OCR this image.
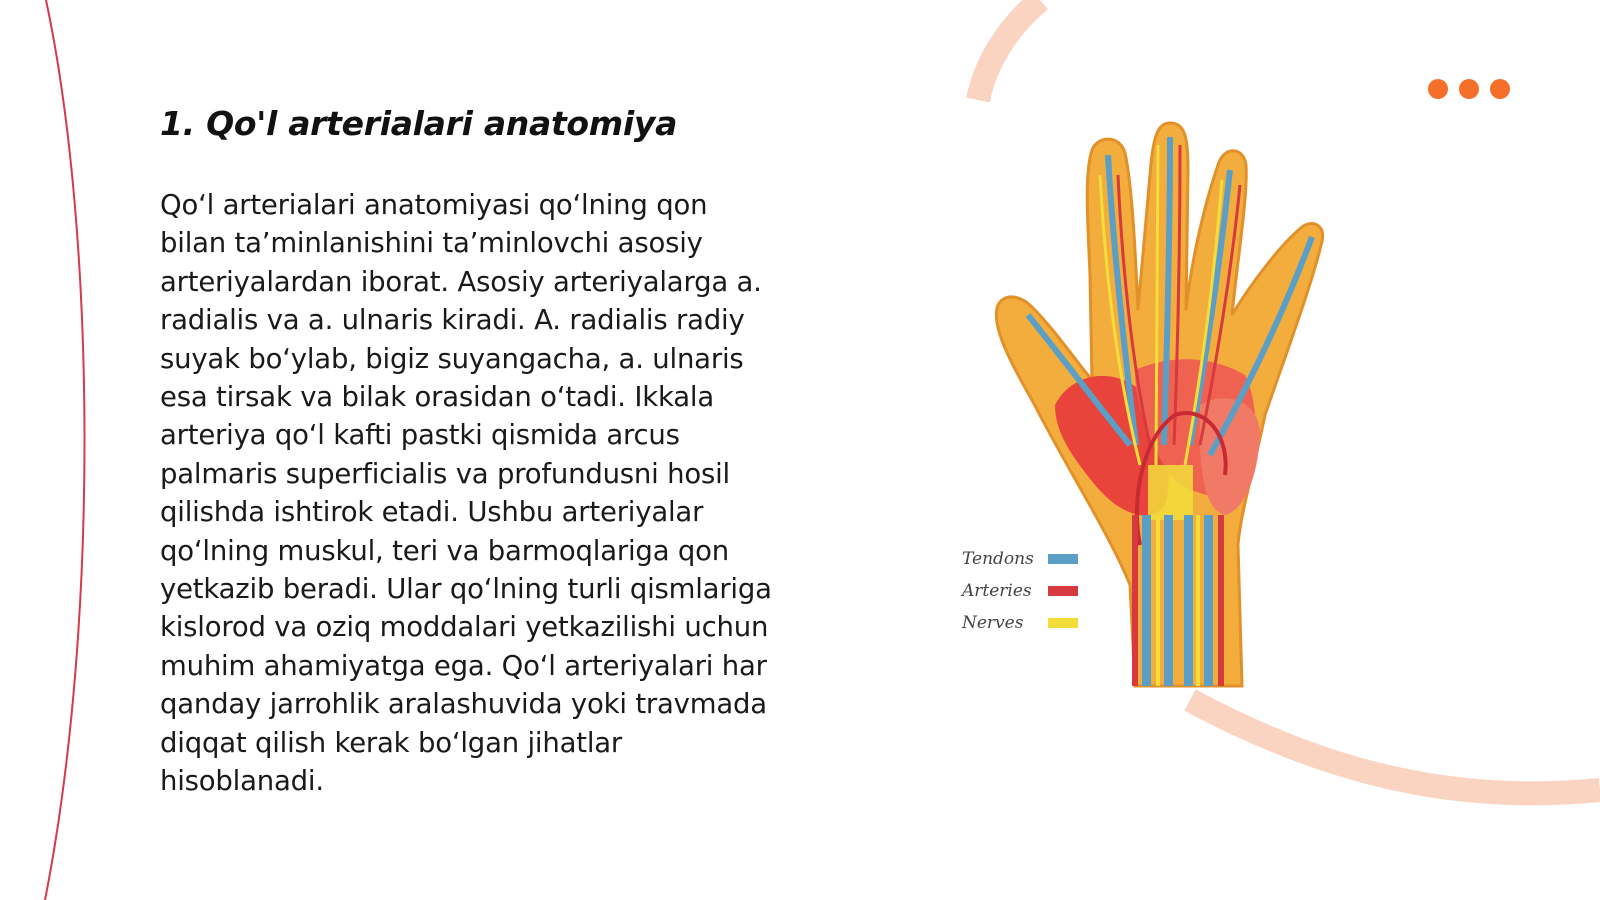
1. Qo'l arterialari anatomiya
Qo‘l arterialari anatomiyasi qo‘lning qon
bilan ta’minlanishini ta’minlovchi asosiy
arteriyalardan iborat. Asosiy arteriyalarga a.
radialis va a. ulnaris kiradi. A. radialis radiy
suyak bo‘ylab, bigiz suyangacha, a. ulnaris
esa tirsak va bilak orasidan o‘tadi. Ikkala
arteriya qo‘l kafti pastki qismida arcus
palmaris superficialis va profundusni hosil
qilishda ishtirok etadi. Ushbu arteriyalar
qo‘lning muskul, teri va barmoqlariga qon
yetkazib beradi. Ular qo‘lning turli qismlariga
kislorod va oziq moddalari yetkazilishi uchun
muhim ahamiyatga ega. Qo‘l arteriyalari har
qanday jarrohlik aralashuvida yoki travmada
diqqat qilish kerak bo‘lgan jihatlar
hisoblanadi.
Tendons
Arteries
Nerves
